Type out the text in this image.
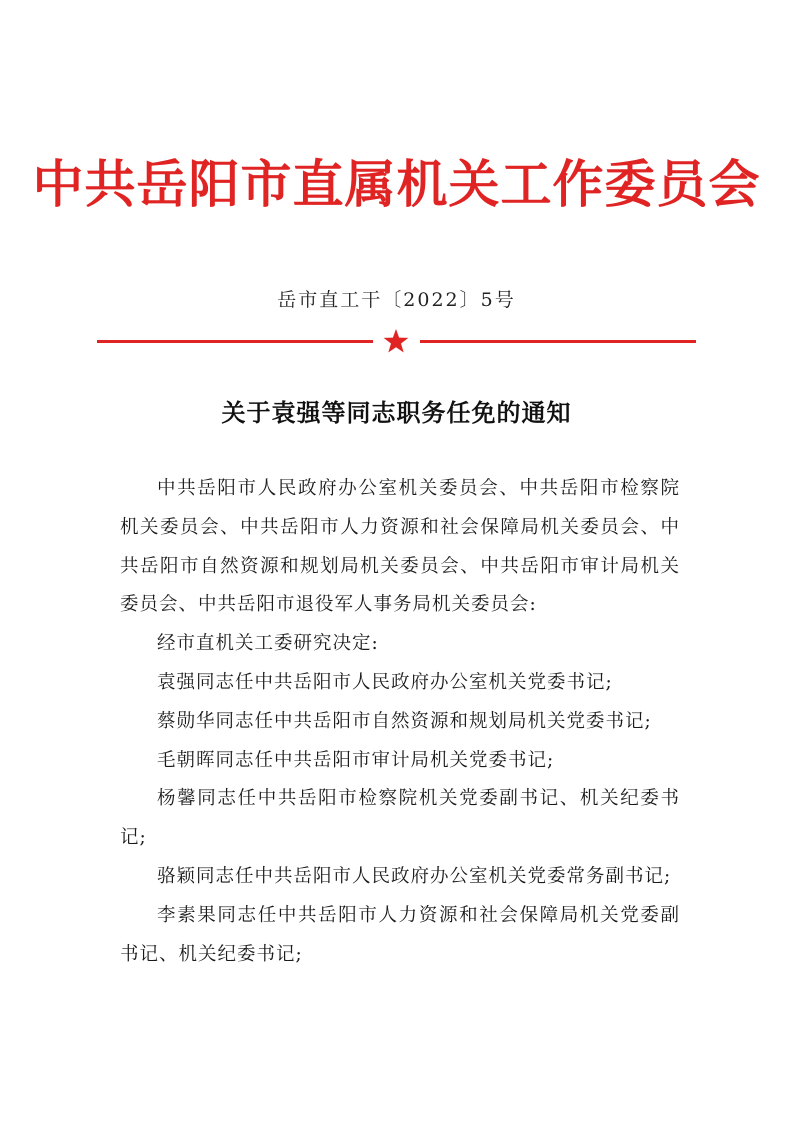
中共岳阳市直属机关工作委员会
岳市直工干〔2022〕5号
关于袁强等同志职务任免的通知

中共岳阳市人民政府办公室机关委员会、中共岳阳市检察院机关委员会、中共岳阳市人力资源和社会保障局机关委员会、中共岳阳市自然资源和规划局机关委员会、中共岳阳市审计局机关委员会、中共岳阳市退役军人事务局机关委员会:

经市直机关工委研究决定:

袁强同志任中共岳阳市人民政府办公室机关党委书记;

蔡勋华同志任中共岳阳市自然资源和规划局机关党委书记;

毛朝晖同志任中共岳阳市审计局机关党委书记;

杨馨同志任中共岳阳市检察院机关党委副书记、机关纪委书记;

骆颖同志任中共岳阳市人民政府办公室机关党委常务副书记;

李素果同志任中共岳阳市人力资源和社会保障局机关党委副书记、机关纪委书记;
